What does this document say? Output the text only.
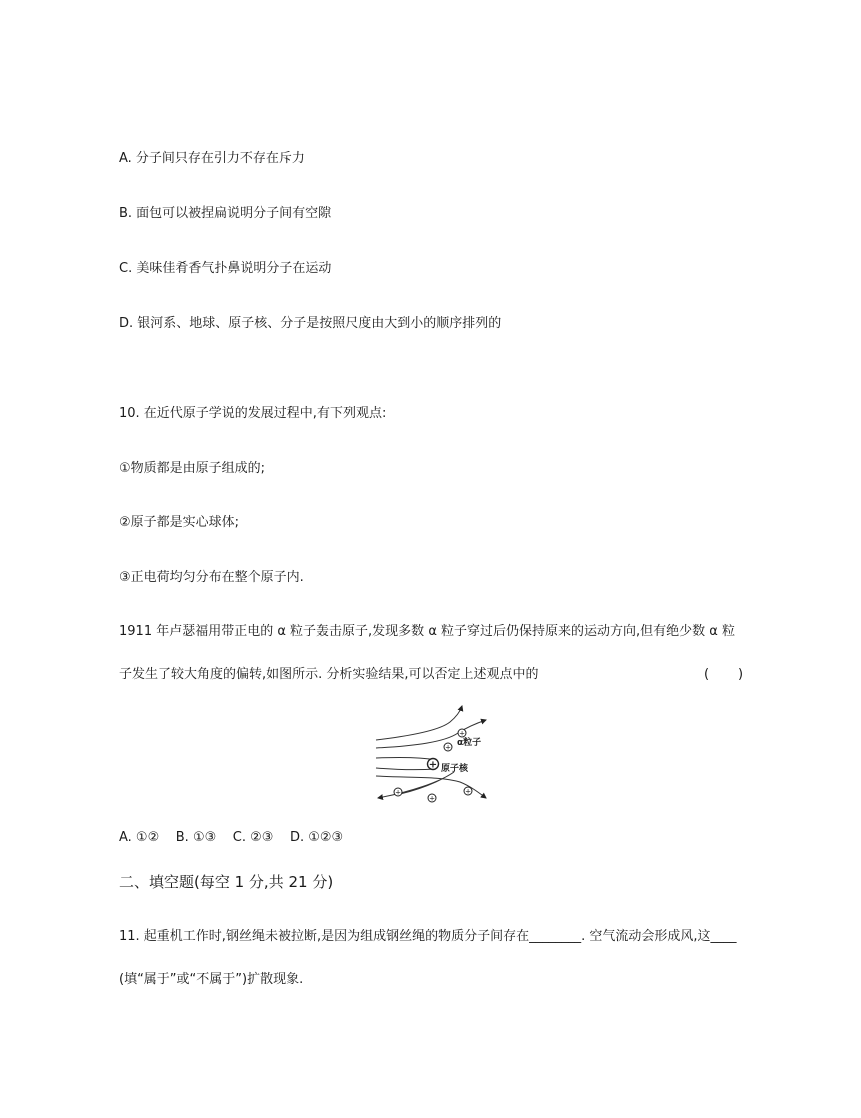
A. 分子间只存在引力不存在斥力
B. 面包可以被捏扁说明分子间有空隙
C. 美味佳肴香气扑鼻说明分子在运动
D. 银河系、地球、原子核、分子是按照尺度由大到小的顺序排列的
10. 在近代原子学说的发展过程中,有下列观点:
①物质都是由原子组成的;
②原子都是实心球体;
③正电荷均匀分布在整个原子内.
1911 年卢瑟福用带正电的 α 粒子轰击原子,发现多数 α 粒子穿过后仍保持原来的运动方向,但有绝少数 α 粒
子发生了较大角度的偏转,如图所示. 分析实验结果,可以否定上述观点中的	(       )
+
+
+
+
+
+
α粒子
原子核
A. ①②    B. ①③    C. ②③    D. ①②③
二、填空题(每空 1 分,共 21 分)
11. 起重机工作时,钢丝绳未被拉断,是因为组成钢丝绳的物质分子间存在________. 空气流动会形成风,这____
(填“属于”或“不属于”)扩散现象.
